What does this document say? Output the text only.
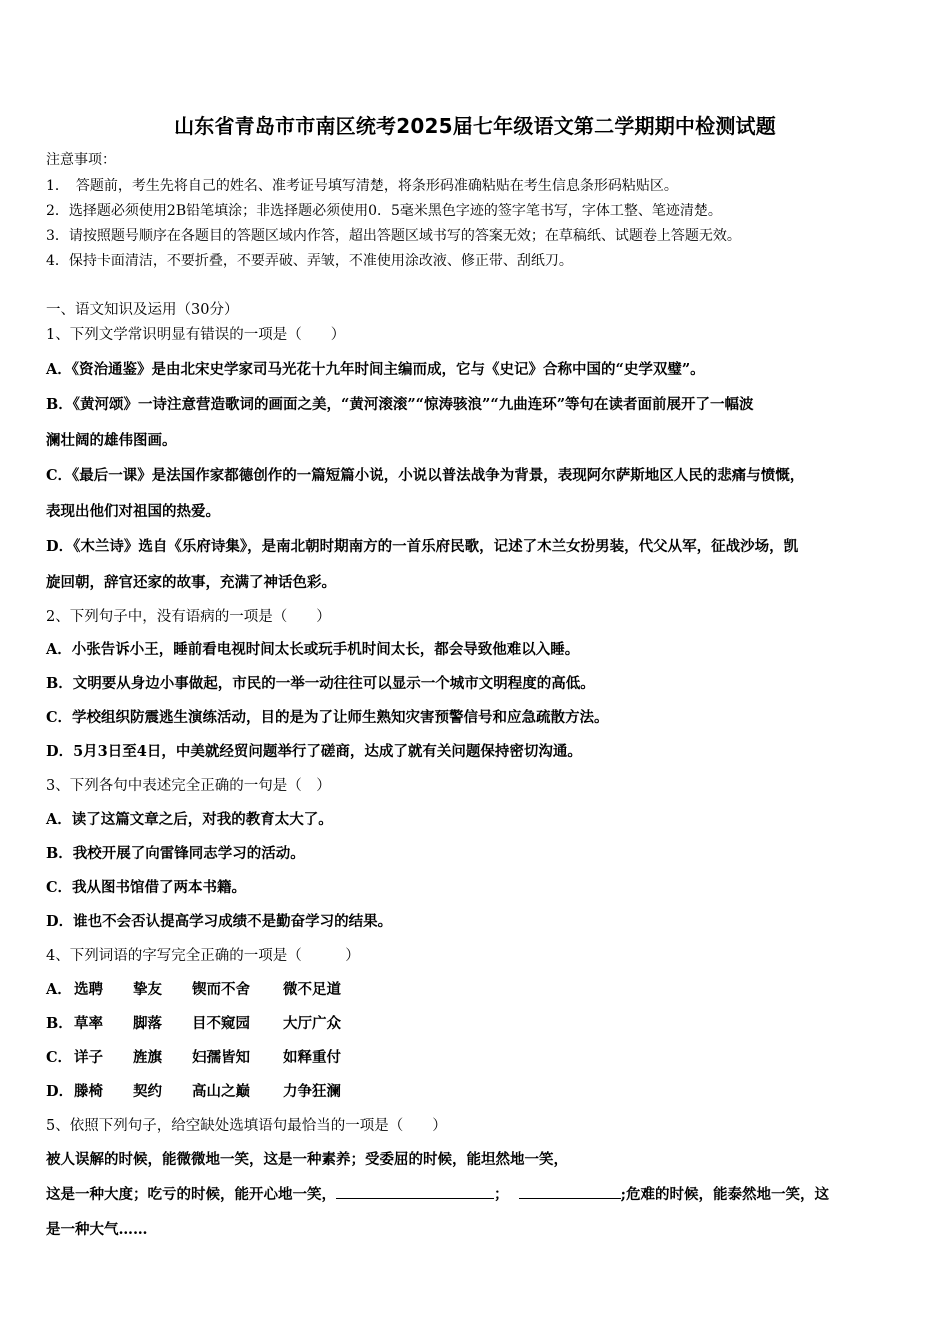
山东省青岛市市南区统考2025届七年级语文第二学期期中检测试题
注意事项：
1．　答题前，考生先将自己的姓名、准考证号填写清楚，将条形码准确粘贴在考生信息条形码粘贴区。
2．选择题必须使用2B铅笔填涂；非选择题必须使用0．5毫米黑色字迹的签字笔书写，字体工整、笔迹清楚。
3．请按照题号顺序在各题目的答题区域内作答，超出答题区域书写的答案无效；在草稿纸、试题卷上答题无效。
4．保持卡面清洁，不要折叠，不要弄破、弄皱，不准使用涂改液、修正带、刮纸刀。
一、语文知识及运用（30分）
1、下列文学常识明显有错误的一项是（　　）
A．《资治通鉴》是由北宋史学家司马光花十九年时间主编而成，它与《史记》合称中国的“史学双璧”。
B．《黄河颂》一诗注意营造歌词的画面之美，“黄河滚滚”“惊涛骇浪”“九曲连环”等句在读者面前展开了一幅波
澜壮阔的雄伟图画。
C．《最后一课》是法国作家都德创作的一篇短篇小说，小说以普法战争为背景，表现阿尔萨斯地区人民的悲痛与愤慨，
表现出他们对祖国的热爱。
D．《木兰诗》选自《乐府诗集》，是南北朝时期南方的一首乐府民歌，记述了木兰女扮男装，代父从军，征战沙场，凯
旋回朝，辞官还家的故事，充满了神话色彩。
2、下列句子中，没有语病的一项是（　　）
A．小张告诉小王，睡前看电视时间太长或玩手机时间太长，都会导致他难以入睡。
B．文明要从身边小事做起，市民的一举一动往往可以显示一个城市文明程度的高低。
C．学校组织防震逃生演练活动，目的是为了让师生熟知灾害预警信号和应急疏散方法。
D．5月3日至4日，中美就经贸问题举行了磋商，达成了就有关问题保持密切沟通。
3、下列各句中表述完全正确的一句是（　）
A．读了这篇文章之后，对我的教育太大了。
B．我校开展了向雷锋同志学习的活动。
C．我从图书馆借了两本书籍。
D．谁也不会否认提高学习成绩不是勤奋学习的结果。
4、下列词语的字写完全正确的一项是（　　　）
A． 选聘 挚友 锲而不舍 微不足道
B．草率 脚落 目不窥园 大厅广众
C． 详子 旌旗 妇孺皆知 如释重付
D．滕椅 契约 高山之巅 力争狂澜
5、依照下列句子，给空缺处选填语句最恰当的一项是（　　）
被人误解的时候，能微微地一笑，这是一种素养；受委屈的时候，能坦然地一笑，
这是一种大度；吃亏的时候，能开心地一笑，	；	;危难的时候，能泰然地一笑，这
是一种大气……
